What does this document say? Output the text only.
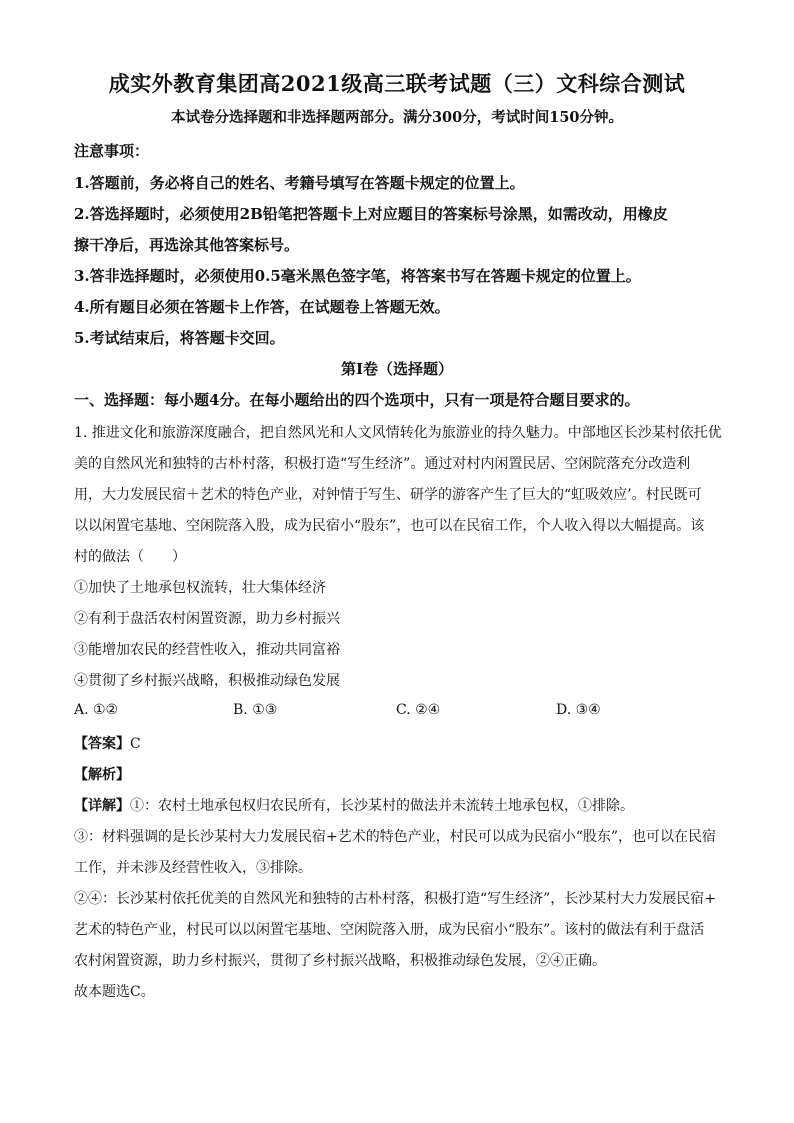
成实外教育集团高2021级高三联考试题（三）文科综合测试
本试卷分选择题和非选择题两部分。满分300分，考试时间150分钟。
注意事项：
1.答题前，务必将自己的姓名、考籍号填写在答题卡规定的位置上。
2.答选择题时，必须使用2B铅笔把答题卡上对应题目的答案标号涂黑，如需改动，用橡皮
擦干净后，再选涂其他答案标号。
3.答非选择题时，必须使用0.5毫米黑色签字笔，将答案书写在答题卡规定的位置上。
4.所有题目必须在答题卡上作答，在试题卷上答题无效。
5.考试结束后，将答题卡交回。
第Ⅰ卷（选择题）
一、选择题：每小题4分。在每小题给出的四个选项中，只有一项是符合题目要求的。
1. 推进文化和旅游深度融合，把自然风光和人文风情转化为旅游业的持久魅力。中部地区长沙某村依托优
美的自然风光和独特的古朴村落，积极打造“写生经济”。通过对村内闲置民居、空闲院落充分改造利
用，大力发展民宿＋艺术的特色产业，对钟情于写生、研学的游客产生了巨大的“虹吸效应’。村民既可
以以闲置宅基地、空闲院落入股，成为民宿小“股东”，也可以在民宿工作，个人收入得以大幅提高。该
村的做法（　　）
①加快了土地承包权流转，壮大集体经济
②有利于盘活农村闲置资源，助力乡村振兴
③能增加农民的经营性收入，推动共同富裕
④贯彻了乡村振兴战略，积极推动绿色发展
A. ①②	B. ①③	C. ②④	D. ③④
【答案】C
【解析】
【详解】①：农村土地承包权归农民所有，长沙某村的做法并未流转土地承包权，①排除。
③：材料强调的是长沙某村大力发展民宿+艺术的特色产业，村民可以成为民宿小“股东”，也可以在民宿
工作，并未涉及经营性收入，③排除。
②④：长沙某村依托优美的自然风光和独特的古朴村落，积极打造“写生经济”，长沙某村大力发展民宿+
艺术的特色产业，村民可以以闲置宅基地、空闲院落入册，成为民宿小“股东”。该村的做法有利于盘活
农村闲置资源，助力乡村振兴，贯彻了乡村振兴战略，积极推动绿色发展，②④正确。
故本题选C。
